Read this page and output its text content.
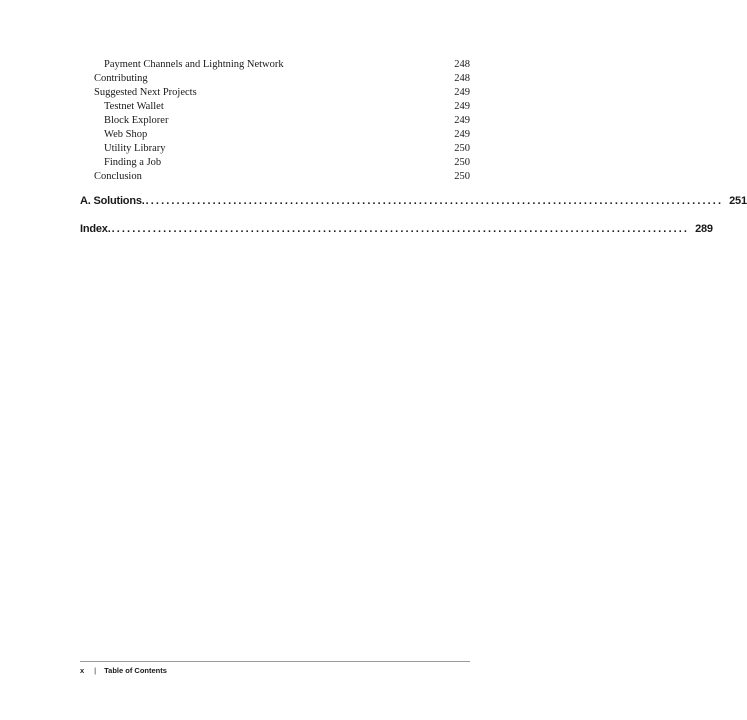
Payment Channels and Lightning Network	248
Contributing	248
Suggested Next Projects	249
Testnet Wallet	249
Block Explorer	249
Web Shop	249
Utility Library	250
Finding a Job	250
Conclusion	250
A. Solutions. ................................................................................................................ 251
Index. ................................................................................................................ 289
x | Table of Contents
